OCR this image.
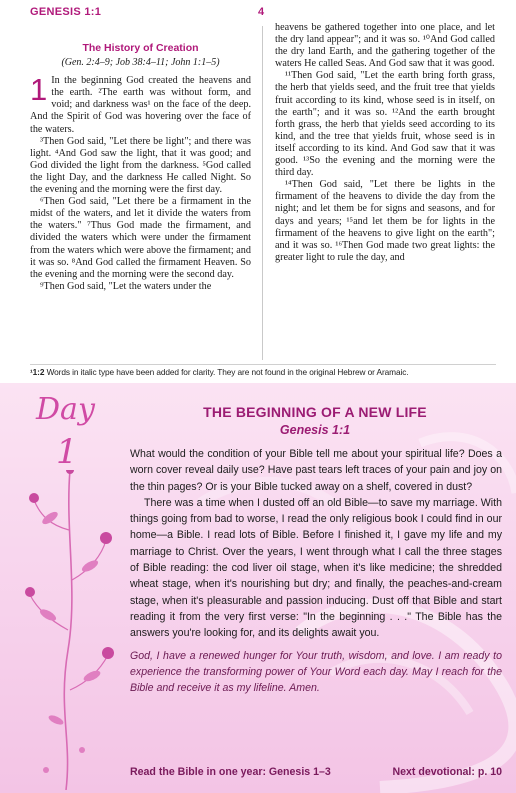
GENESIS 1:1	4
The History of Creation
(Gen. 2:4–9; Job 38:4–11; John 1:1–5)
1 In the beginning God created the heavens and the earth. ²The earth was without form, and void; and darkness was¹ on the face of the deep. And the Spirit of God was hovering over the face of the waters.

³Then God said, "Let there be light"; and there was light. ⁴And God saw the light, that it was good; and God divided the light from the darkness. ⁵God called the light Day, and the darkness He called Night. So the evening and the morning were the first day.

⁶Then God said, "Let there be a firmament in the midst of the waters, and let it divide the waters from the waters." ⁷Thus God made the firmament, and divided the waters which were under the firmament from the waters which were above the firmament; and it was so. ⁸And God called the firmament Heaven. So the evening and the morning were the second day.

⁹Then God said, "Let the waters under the

heavens be gathered together into one place, and let the dry land appear"; and it was so. ¹⁰And God called the dry land Earth, and the gathering together of the waters He called Seas. And God saw that it was good.

¹¹Then God said, "Let the earth bring forth grass, the herb that yields seed, and the fruit tree that yields fruit according to its kind, whose seed is in itself, on the earth"; and it was so. ¹²And the earth brought forth grass, the herb that yields seed according to its kind, and the tree that yields fruit, whose seed is in itself according to its kind. And God saw that it was good. ¹³So the evening and the morning were the third day.

¹⁴Then God said, "Let there be lights in the firmament of the heavens to divide the day from the night; and let them be for signs and seasons, and for days and years; ¹⁵and let them be for lights in the firmament of the heavens to give light on the earth"; and it was so. ¹⁶Then God made two great lights: the greater light to rule the day, and

¹1:2 Words in italic type have been added for clarity. They are not found in the original Hebrew or Aramaic.
Day
1
THE BEGINNING OF A NEW LIFE
Genesis 1:1

What would the condition of your Bible tell me about your spiritual life? Does a worn cover reveal daily use? Have past tears left traces of your pain and joy on the thin pages? Or is your Bible tucked away on a shelf, covered in dust?

There was a time when I dusted off an old Bible—to save my marriage. With things going from bad to worse, I read the only religious book I could find in our home—a Bible. I read lots of Bible. Before I finished it, I gave my life and my marriage to Christ. Over the years, I went through what I call the three stages of Bible reading: the cod liver oil stage, when it's like medicine; the shredded wheat stage, when it's nourishing but dry; and finally, the peaches-and-cream stage, when it's pleasurable and passion inducing. Dust off that Bible and start reading it from the very first verse: "In the beginning . . ." The Bible has the answers you're looking for, and its delights await you.

God, I have a renewed hunger for Your truth, wisdom, and love. I am ready to experience the transforming power of Your Word each day. May I reach for the Bible and receive it as my lifeline. Amen.

Read the Bible in one year: Genesis 1–3	Next devotional: p. 10
